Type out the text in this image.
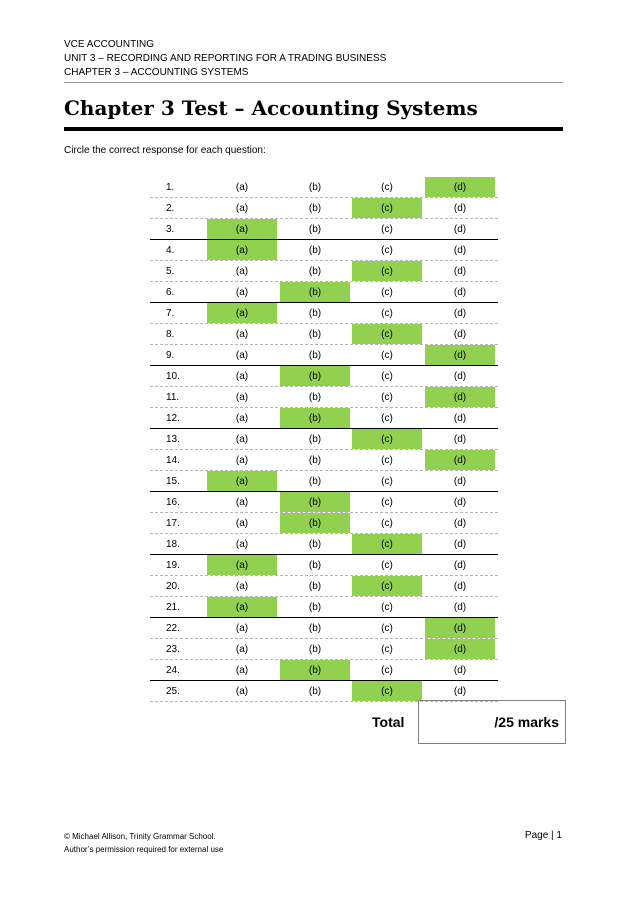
VCE ACCOUNTING
UNIT 3 – RECORDING AND REPORTING FOR A TRADING BUSINESS
CHAPTER 3 – ACCOUNTING SYSTEMS
Chapter 3 Test – Accounting Systems
Circle the correct response for each question:
1.	(a)	(b)	(c)	(d)
2.	(a)	(b)	(c)	(d)
3.	(a)	(b)	(c)	(d)
4.	(a)	(b)	(c)	(d)
5.	(a)	(b)	(c)	(d)
6.	(a)	(b)	(c)	(d)
7.	(a)	(b)	(c)	(d)
8.	(a)	(b)	(c)	(d)
9.	(a)	(b)	(c)	(d)
10.	(a)	(b)	(c)	(d)
11.	(a)	(b)	(c)	(d)
12.	(a)	(b)	(c)	(d)
13.	(a)	(b)	(c)	(d)
14.	(a)	(b)	(c)	(d)
15.	(a)	(b)	(c)	(d)
16.	(a)	(b)	(c)	(d)
17.	(a)	(b)	(c)	(d)
18.	(a)	(b)	(c)	(d)
19.	(a)	(b)	(c)	(d)
20.	(a)	(b)	(c)	(d)
21.	(a)	(b)	(c)	(d)
22.	(a)	(b)	(c)	(d)
23.	(a)	(b)	(c)	(d)
24.	(a)	(b)	(c)	(d)
25.	(a)	(b)	(c)	(d)
Total	/25 marks
© Michael Allison, Trinity Grammar School.
Author’s permission required for external use
Page | 1
